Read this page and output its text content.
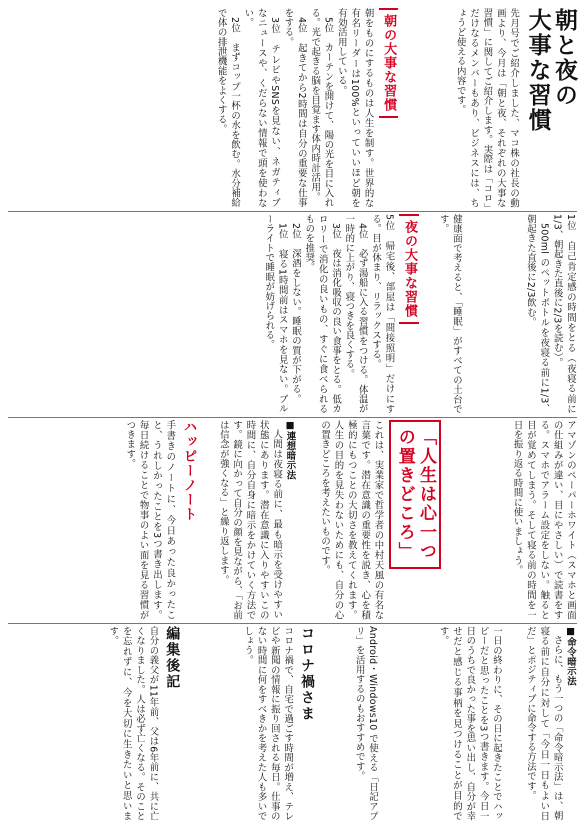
朝と夜の
大事な習慣

先月号でご紹介しました、マコ株の社長の動画より、今月は「朝と夜、それぞれの大事な習慣」に関してご紹介します。実際は「コロ」だけなるメンバーもあり、ビジネスには、ちょうど使える内容です。

朝の大事な習慣

朝をものにするものは人生を制す。世界的な有名リーダーは100%といっていいほど朝を有効活用している。

5位　カーテンを開けて、陽の光を目に入れる。光で起きる脳を目覚ます体内時計活用。

4位　起きてから2時間は自分の重要な仕事をする。

3位　テレビやSNSを見ない、ネガティブなニュースや、くだらない情報で頭を使わない。

2位　まずコップ一杯の水を飲む。水分補給で体の排泄機能をよくする。

1位　自己肯定感の時間をとる（夜寝る前に1/3、朝起きた直後に2/3を読む）。

500ml のペットボトルを夜寝る前に1/3、朝起きた直後に2/3飲む。

健康面で考えると、「睡眠」がすべての土台です。

夜の大事な習慣

5位　帰宅後、部屋は「間接照明」だけにする。目が休まり、リラックスする。

4位　必ず湯船に入る習慣をつける。体温が一時的に上がり、寝つきを良くする。

3位　夜は消化吸収の良い食事をとる。低カロリーで消化の良いもの、すぐに食べられるものを推奨。

2位　深酒をしない。睡眠の質が下がる。

1位　寝る1時間前はスマホを見ない。ブルーライトで睡眠が妨げられる。

アマゾンのペーパーホワイト（スマホと画面の仕組みが違い、目にやさしい）で読書をする。スマホでアラーム設定をしない。触ると目が覚めてしまう。そして寝る前の時間を一日を振り返る時間に使いましょう。

「人生は心一つ
の置きどころ」

これは、実業家で哲学者の中村天風の有名な言葉です。潜在意識の重要性を説き、心を積極的にもつことの大切さを教えてくれます。人生の目的を見失わないためにも、自分の心の置きどころを考えたいものです。

■連想暗示法

人間は夜寝る前に、最も暗示を受けやすい状態にあります。潜在意識に入りやすいこの時間に、自分自身に暗示をかけていく方法です。鏡に向かって自分の顔を見ながら、「お前は信念が強くなる」と繰り返します。

ハッピーノート

手書きのノートに、今日あった良かったこと、うれしかったことを3つ書き出します。毎日続けることで物事のよい面を見る習慣がつきます。

■命令暗示法

さらに、もう一つの「命令暗示法」は、朝寝る前に自分に対して「今日一日もよい日だ」とポジティブに命令する方法です。

一日の終わりに、その日に起きたことでハッピーだと思ったことを3つ書きます。今日一日のうちで良かった事を思い出し、自分が幸せだと感じる事柄を見つけることが目的です。

Android・Windows10 で使える「日記アプリ」を活用するのもおすすめです。

コロナ禍さま

コロナ禍で、自宅で過ごす時間が増え、テレビや新聞の情報に振り回される毎日。仕事のない時間に何をすべきかを考えた人も多いでしょう。

編集後記

自分の義父が11年前、父は6年前に、共に亡くなりました。人は必ず亡くなる。そのことを忘れずに、今を大切に生きたいと思います。
